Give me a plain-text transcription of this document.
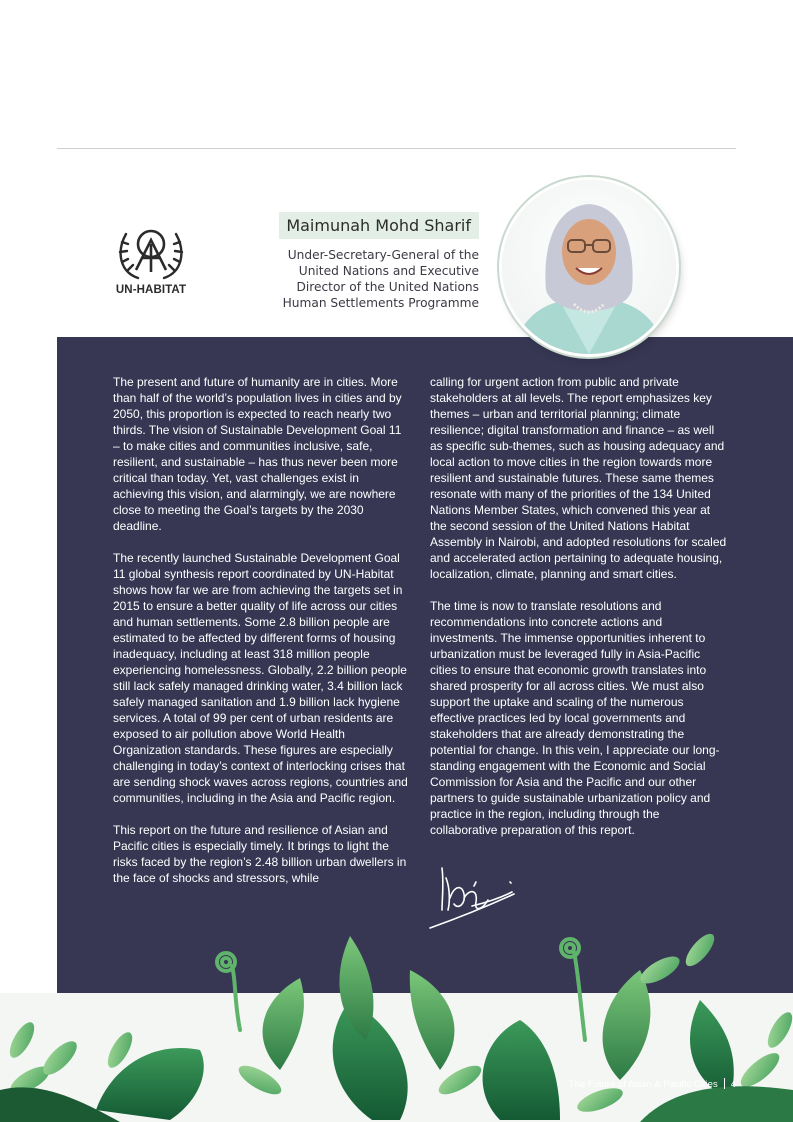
UN-HABITAT
Maimunah Mohd Sharif
Under-Secretary-General of the
United Nations and Executive
Director of the United Nations
Human Settlements Programme

The present and future of humanity are in cities. More than half of the world’s population lives in cities and by 2050, this proportion is expected to reach nearly two thirds. The vision of Sustainable Development Goal 11 – to make cities and communities inclusive, safe, resilient, and sustainable – has thus never been more critical than today. Yet, vast challenges exist in achieving this vision, and alarmingly, we are nowhere close to meeting the Goal’s targets by the 2030 deadline.

The recently launched Sustainable Development Goal 11 global synthesis report coordinated by UN-Habitat shows how far we are from achieving the targets set in 2015 to ensure a better quality of life across our cities and human settlements. Some 2.8 billion people are estimated to be affected by different forms of housing inadequacy, including at least 318 million people experiencing homelessness. Globally, 2.2 billion people still lack safely managed drinking water, 3.4 billion lack safely managed sanitation and 1.9 billion lack hygiene services. A total of 99 per cent of urban residents are exposed to air pollution above World Health Organization standards. These figures are especially challenging in today’s context of interlocking crises that are sending shock waves across regions, countries and communities, including in the Asia and Pacific region.

This report on the future and resilience of Asian and Pacific cities is especially timely. It brings to light the risks faced by the region’s 2.48 billion urban dwellers in the face of shocks and stressors, while

calling for urgent action from public and private stakeholders at all levels. The report emphasizes key themes – urban and territorial planning; climate resilience; digital transformation and finance – as well as specific sub-themes, such as housing adequacy and local action to move cities in the region towards more resilient and sustainable futures. These same themes resonate with many of the priorities of the 134 United Nations Member States, which convened this year at the second session of the United Nations Habitat Assembly in Nairobi, and adopted resolutions for scaled and accelerated action pertaining to adequate housing, localization, climate, planning and smart cities.

The time is now to translate resolutions and recommendations into concrete actions and investments. The immense opportunities inherent to urbanization must be leveraged fully in Asia-Pacific cities to ensure that economic growth translates into shared prosperity for all across cities. We must also support the uptake and scaling of the numerous effective practices led by local governments and stakeholders that are already demonstrating the potential for change. In this vein, I appreciate our long-standing engagement with the Economic and Social Commission for Asia and the Pacific and our other partners to guide sustainable urbanization policy and practice in the region, including through the collaborative preparation of this report.

The Future of Asian & Pacific Cities 4
